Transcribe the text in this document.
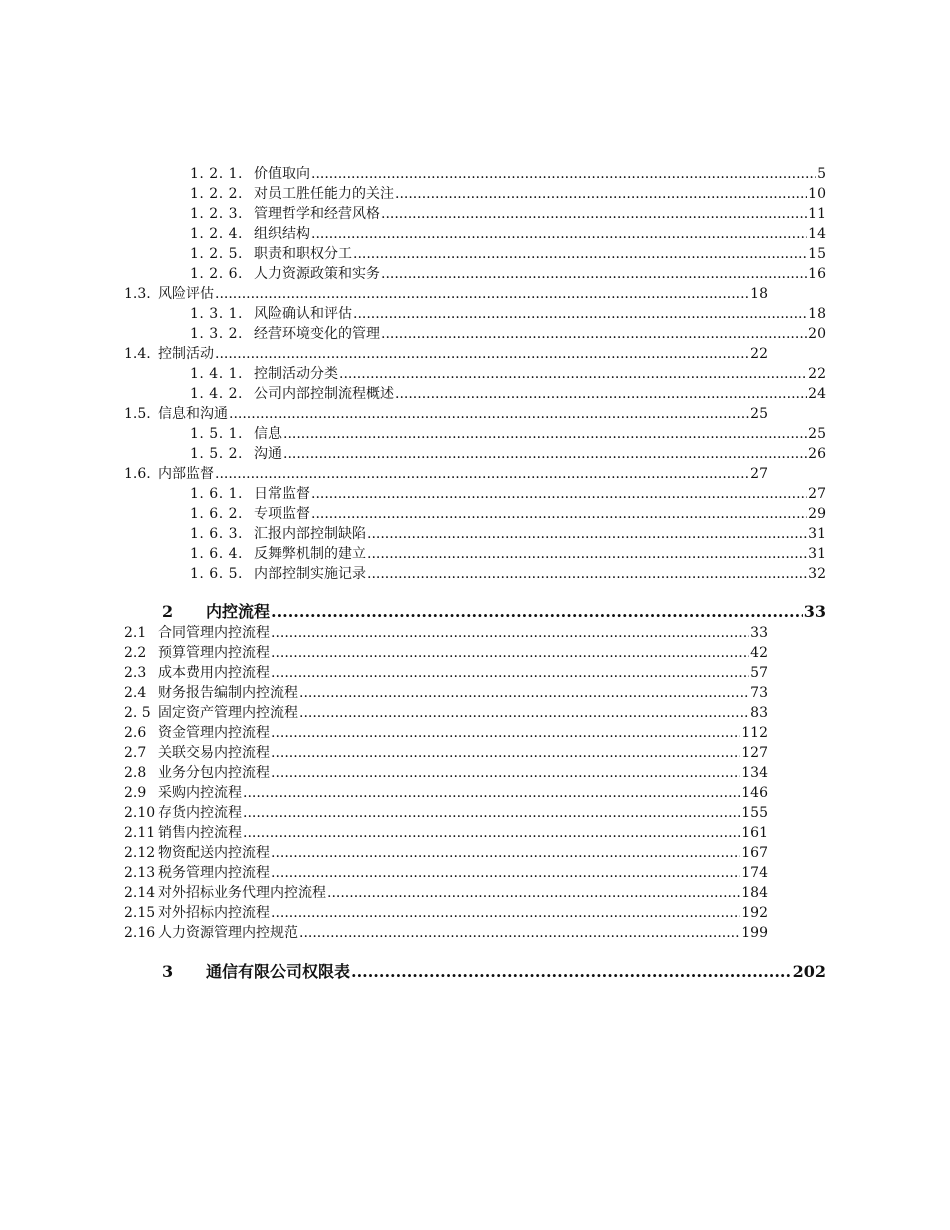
1. 2. 1. 价值取向 .....	5
1. 2. 2. 对员工胜任能力的关注 .....	10
1. 2. 3. 管理哲学和经营风格 .....	11
1. 2. 4. 组织结构 .....	14
1. 2. 5. 职责和职权分工 .....	15
1. 2. 6. 人力资源政策和实务 .....	16
1.3. 风险评估 .....	18
1. 3. 1. 风险确认和评估 .....	18
1. 3. 2. 经营环境变化的管理 .....	20
1.4. 控制活动 .....	22
1. 4. 1. 控制活动分类 .....	22
1. 4. 2. 公司内部控制流程概述 .....	24
1.5. 信息和沟通 .....	25
1. 5. 1. 信息 .....	25
1. 5. 2. 沟通 .....	26
1.6. 内部监督 .....	27
1. 6. 1. 日常监督 .....	27
1. 6. 2. 专项监督 .....	29
1. 6. 3. 汇报内部控制缺陷 .....	31
1. 6. 4. 反舞弊机制的建立 .....	31
1. 6. 5. 内部控制实施记录 .....	32
2	内控流程 .....	33
2.1 合同管理内控流程 .....	33
2.2 预算管理内控流程 .....	42
2.3 成本费用内控流程 .....	57
2.4 财务报告编制内控流程 .....	73
2. 5 固定资产管理内控流程 .....	83
2.6 资金管理内控流程 .....	112
2.7 关联交易内控流程 .....	127
2.8 业务分包内控流程 .....	134
2.9 采购内控流程 .....	146
2.10 存货内控流程 .....	155
2.11 销售内控流程 .....	161
2.12 物资配送内控流程 .....	167
2.13 税务管理内控流程 .....	174
2.14 对外招标业务代理内控流程 .....	184
2.15 对外招标内控流程 .....	192
2.16 人力资源管理内控规范 .....	199
3	通信有限公司权限表 .....	202
